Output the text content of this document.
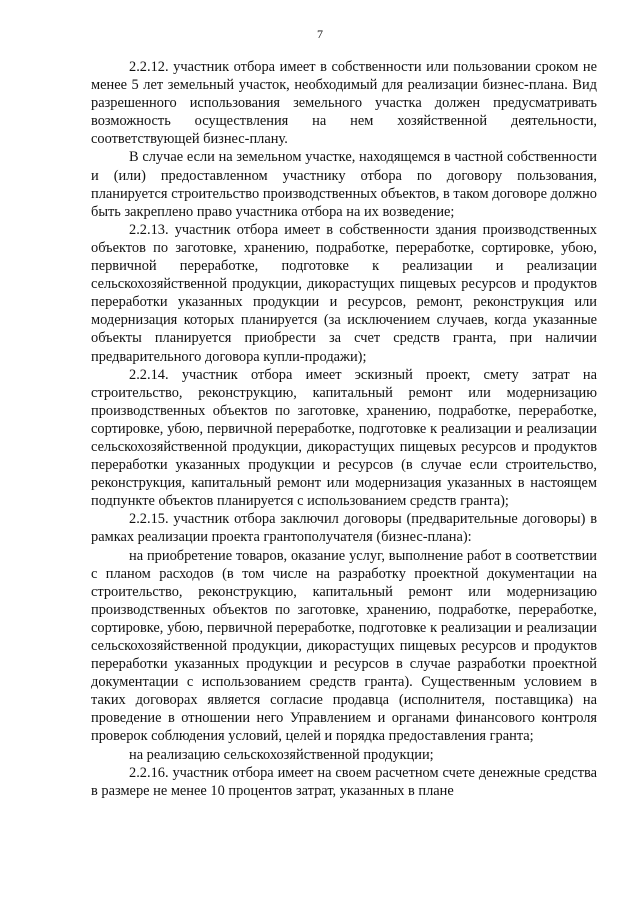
7

2.2.12. участник отбора имеет в собственности или пользовании сроком не менее 5 лет земельный участок, необходимый для реализации бизнес-плана. Вид разрешенного использования земельного участка должен предусматривать возможность осуществления на нем хозяйственной деятельности, соответствующей бизнес-плану.

В случае если на земельном участке, находящемся в частной собственности и (или) предоставленном участнику отбора по договору пользования, планируется строительство производственных объектов, в таком договоре должно быть закреплено право участника отбора на их возведение;

2.2.13. участник отбора имеет в собственности здания производственных объектов по заготовке, хранению, подработке, переработке, сортировке, убою, первичной переработке, подготовке к реализации и реализации сельскохозяйственной продукции, дикорастущих пищевых ресурсов и продуктов переработки указанных продукции и ресурсов, ремонт, реконструкция или модернизация которых планируется (за исключением случаев, когда указанные объекты планируется приобрести за счет средств гранта, при наличии предварительного договора купли-продажи);

2.2.14. участник отбора имеет эскизный проект, смету затрат на строительство, реконструкцию, капитальный ремонт или модернизацию производственных объектов по заготовке, хранению, подработке, переработке, сортировке, убою, первичной переработке, подготовке к реализации и реализации сельскохозяйственной продукции, дикорастущих пищевых ресурсов и продуктов переработки указанных продукции и ресурсов (в случае если строительство, реконструкция, капитальный ремонт или модернизация указанных в настоящем подпункте объектов планируется с использованием средств гранта);

2.2.15. участник отбора заключил договоры (предварительные договоры) в рамках реализации проекта грантополучателя (бизнес-плана):

на приобретение товаров, оказание услуг, выполнение работ в соответствии с планом расходов (в том числе на разработку проектной документации на строительство, реконструкцию, капитальный ремонт или модернизацию производственных объектов по заготовке, хранению, подработке, переработке, сортировке, убою, первичной переработке, подготовке к реализации и реализации сельскохозяйственной продукции, дикорастущих пищевых ресурсов и продуктов переработки указанных продукции и ресурсов в случае разработки проектной документации с использованием средств гранта). Существенным условием в таких договорах является согласие продавца (исполнителя, поставщика) на проведение в отношении него Управлением и органами финансового контроля проверок соблюдения условий, целей и порядка предоставления гранта;

на реализацию сельскохозяйственной продукции;

2.2.16. участник отбора имеет на своем расчетном счете денежные средства в размере не менее 10 процентов затрат, указанных в плане
